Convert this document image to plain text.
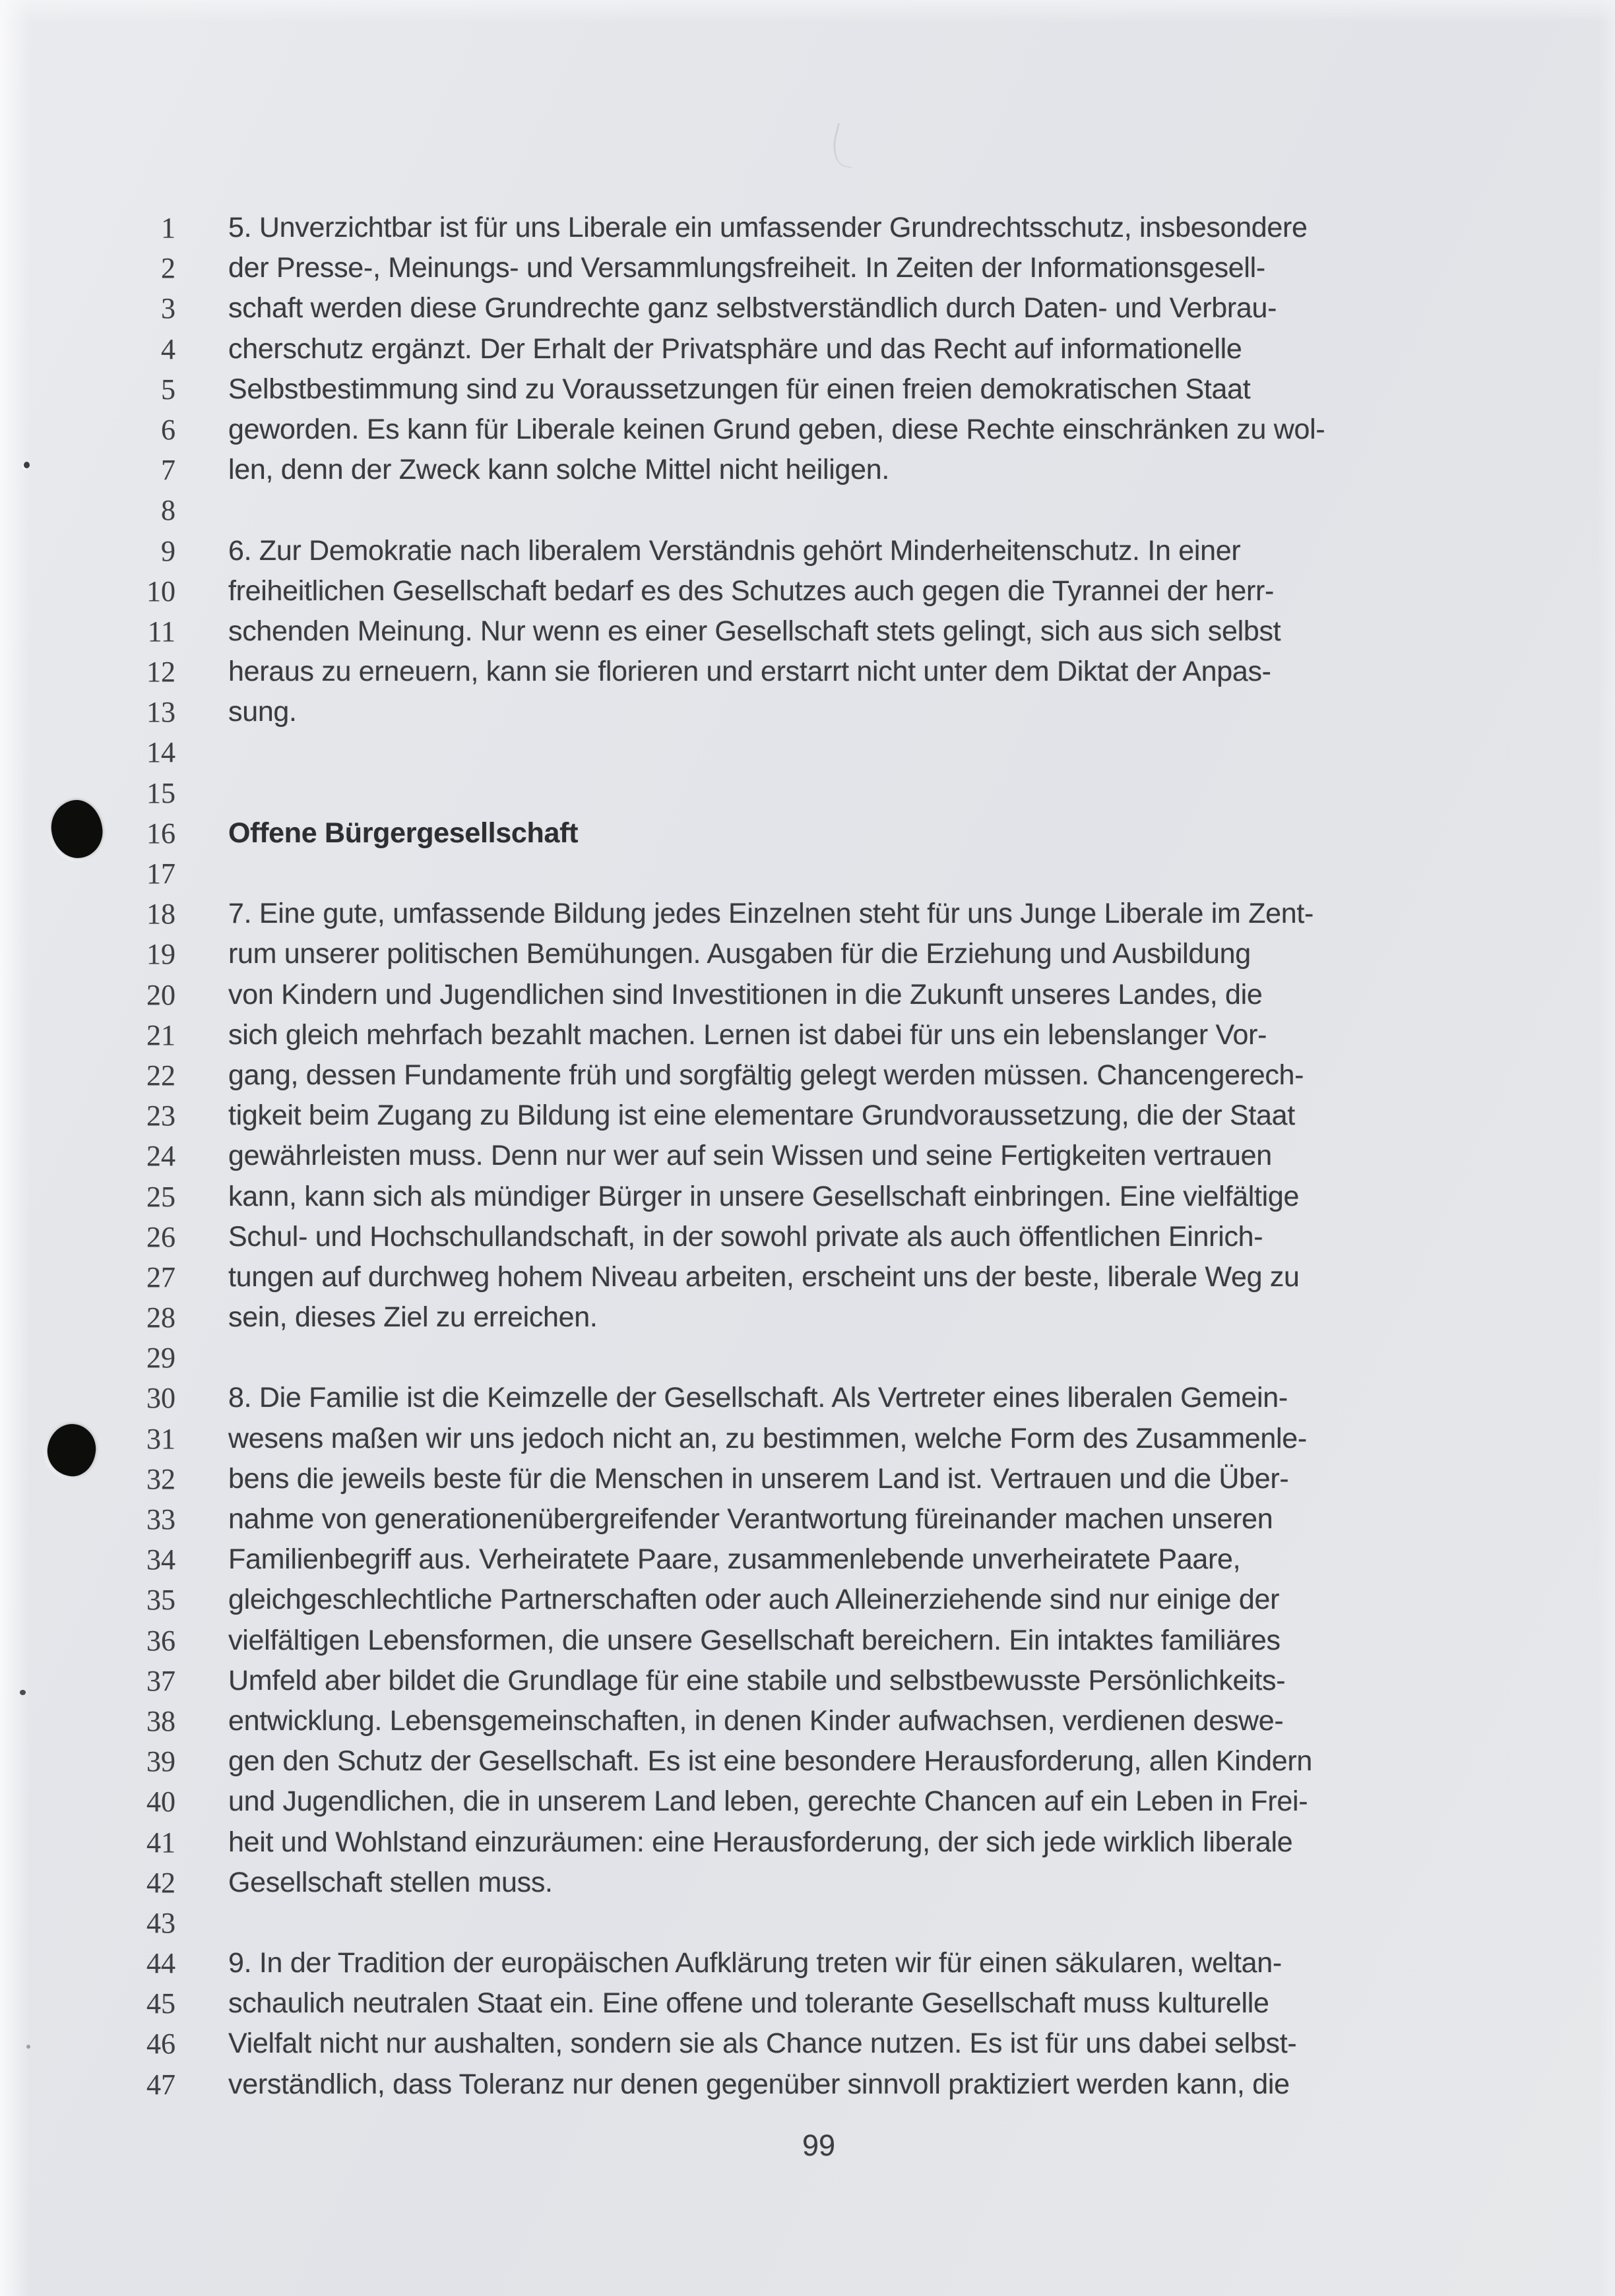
1 5. Unverzichtbar ist für uns Liberale ein umfassender Grundrechtsschutz, insbesondere
2 der Presse-, Meinungs- und Versammlungsfreiheit. In Zeiten der Informationsgesell-
3 schaft werden diese Grundrechte ganz selbstverständlich durch Daten- und Verbrau-
4 cherschutz ergänzt. Der Erhalt der Privatsphäre und das Recht auf informationelle
5 Selbstbestimmung sind zu Voraussetzungen für einen freien demokratischen Staat
6 geworden. Es kann für Liberale keinen Grund geben, diese Rechte einschränken zu wol-
7 len, denn der Zweck kann solche Mittel nicht heiligen.
8
9 6. Zur Demokratie nach liberalem Verständnis gehört Minderheitenschutz. In einer
10 freiheitlichen Gesellschaft bedarf es des Schutzes auch gegen die Tyrannei der herr-
11 schenden Meinung. Nur wenn es einer Gesellschaft stets gelingt, sich aus sich selbst
12 heraus zu erneuern, kann sie florieren und erstarrt nicht unter dem Diktat der Anpas-
13 sung.
14
15
16 Offene Bürgergesellschaft
17
18 7. Eine gute, umfassende Bildung jedes Einzelnen steht für uns Junge Liberale im Zent-
19 rum unserer politischen Bemühungen. Ausgaben für die Erziehung und Ausbildung
20 von Kindern und Jugendlichen sind Investitionen in die Zukunft unseres Landes, die
21 sich gleich mehrfach bezahlt machen. Lernen ist dabei für uns ein lebenslanger Vor-
22 gang, dessen Fundamente früh und sorgfältig gelegt werden müssen. Chancengerech-
23 tigkeit beim Zugang zu Bildung ist eine elementare Grundvoraussetzung, die der Staat
24 gewährleisten muss. Denn nur wer auf sein Wissen und seine Fertigkeiten vertrauen
25 kann, kann sich als mündiger Bürger in unsere Gesellschaft einbringen. Eine vielfältige
26 Schul- und Hochschullandschaft, in der sowohl private als auch öffentlichen Einrich-
27 tungen auf durchweg hohem Niveau arbeiten, erscheint uns der beste, liberale Weg zu
28 sein, dieses Ziel zu erreichen.
29
30 8. Die Familie ist die Keimzelle der Gesellschaft. Als Vertreter eines liberalen Gemein-
31 wesens maßen wir uns jedoch nicht an, zu bestimmen, welche Form des Zusammenle-
32 bens die jeweils beste für die Menschen in unserem Land ist. Vertrauen und die Über-
33 nahme von generationenübergreifender Verantwortung füreinander machen unseren
34 Familienbegriff aus. Verheiratete Paare, zusammenlebende unverheiratete Paare,
35 gleichgeschlechtliche Partnerschaften oder auch Alleinerziehende sind nur einige der
36 vielfältigen Lebensformen, die unsere Gesellschaft bereichern. Ein intaktes familiäres
37 Umfeld aber bildet die Grundlage für eine stabile und selbstbewusste Persönlichkeits-
38 entwicklung. Lebensgemeinschaften, in denen Kinder aufwachsen, verdienen deswe-
39 gen den Schutz der Gesellschaft. Es ist eine besondere Herausforderung, allen Kindern
40 und Jugendlichen, die in unserem Land leben, gerechte Chancen auf ein Leben in Frei-
41 heit und Wohlstand einzuräumen: eine Herausforderung, der sich jede wirklich liberale
42 Gesellschaft stellen muss.
43
44 9. In der Tradition der europäischen Aufklärung treten wir für einen säkularen, weltan-
45 schaulich neutralen Staat ein. Eine offene und tolerante Gesellschaft muss kulturelle
46 Vielfalt nicht nur aushalten, sondern sie als Chance nutzen. Es ist für uns dabei selbst-
47 verständlich, dass Toleranz nur denen gegenüber sinnvoll praktiziert werden kann, die
99
